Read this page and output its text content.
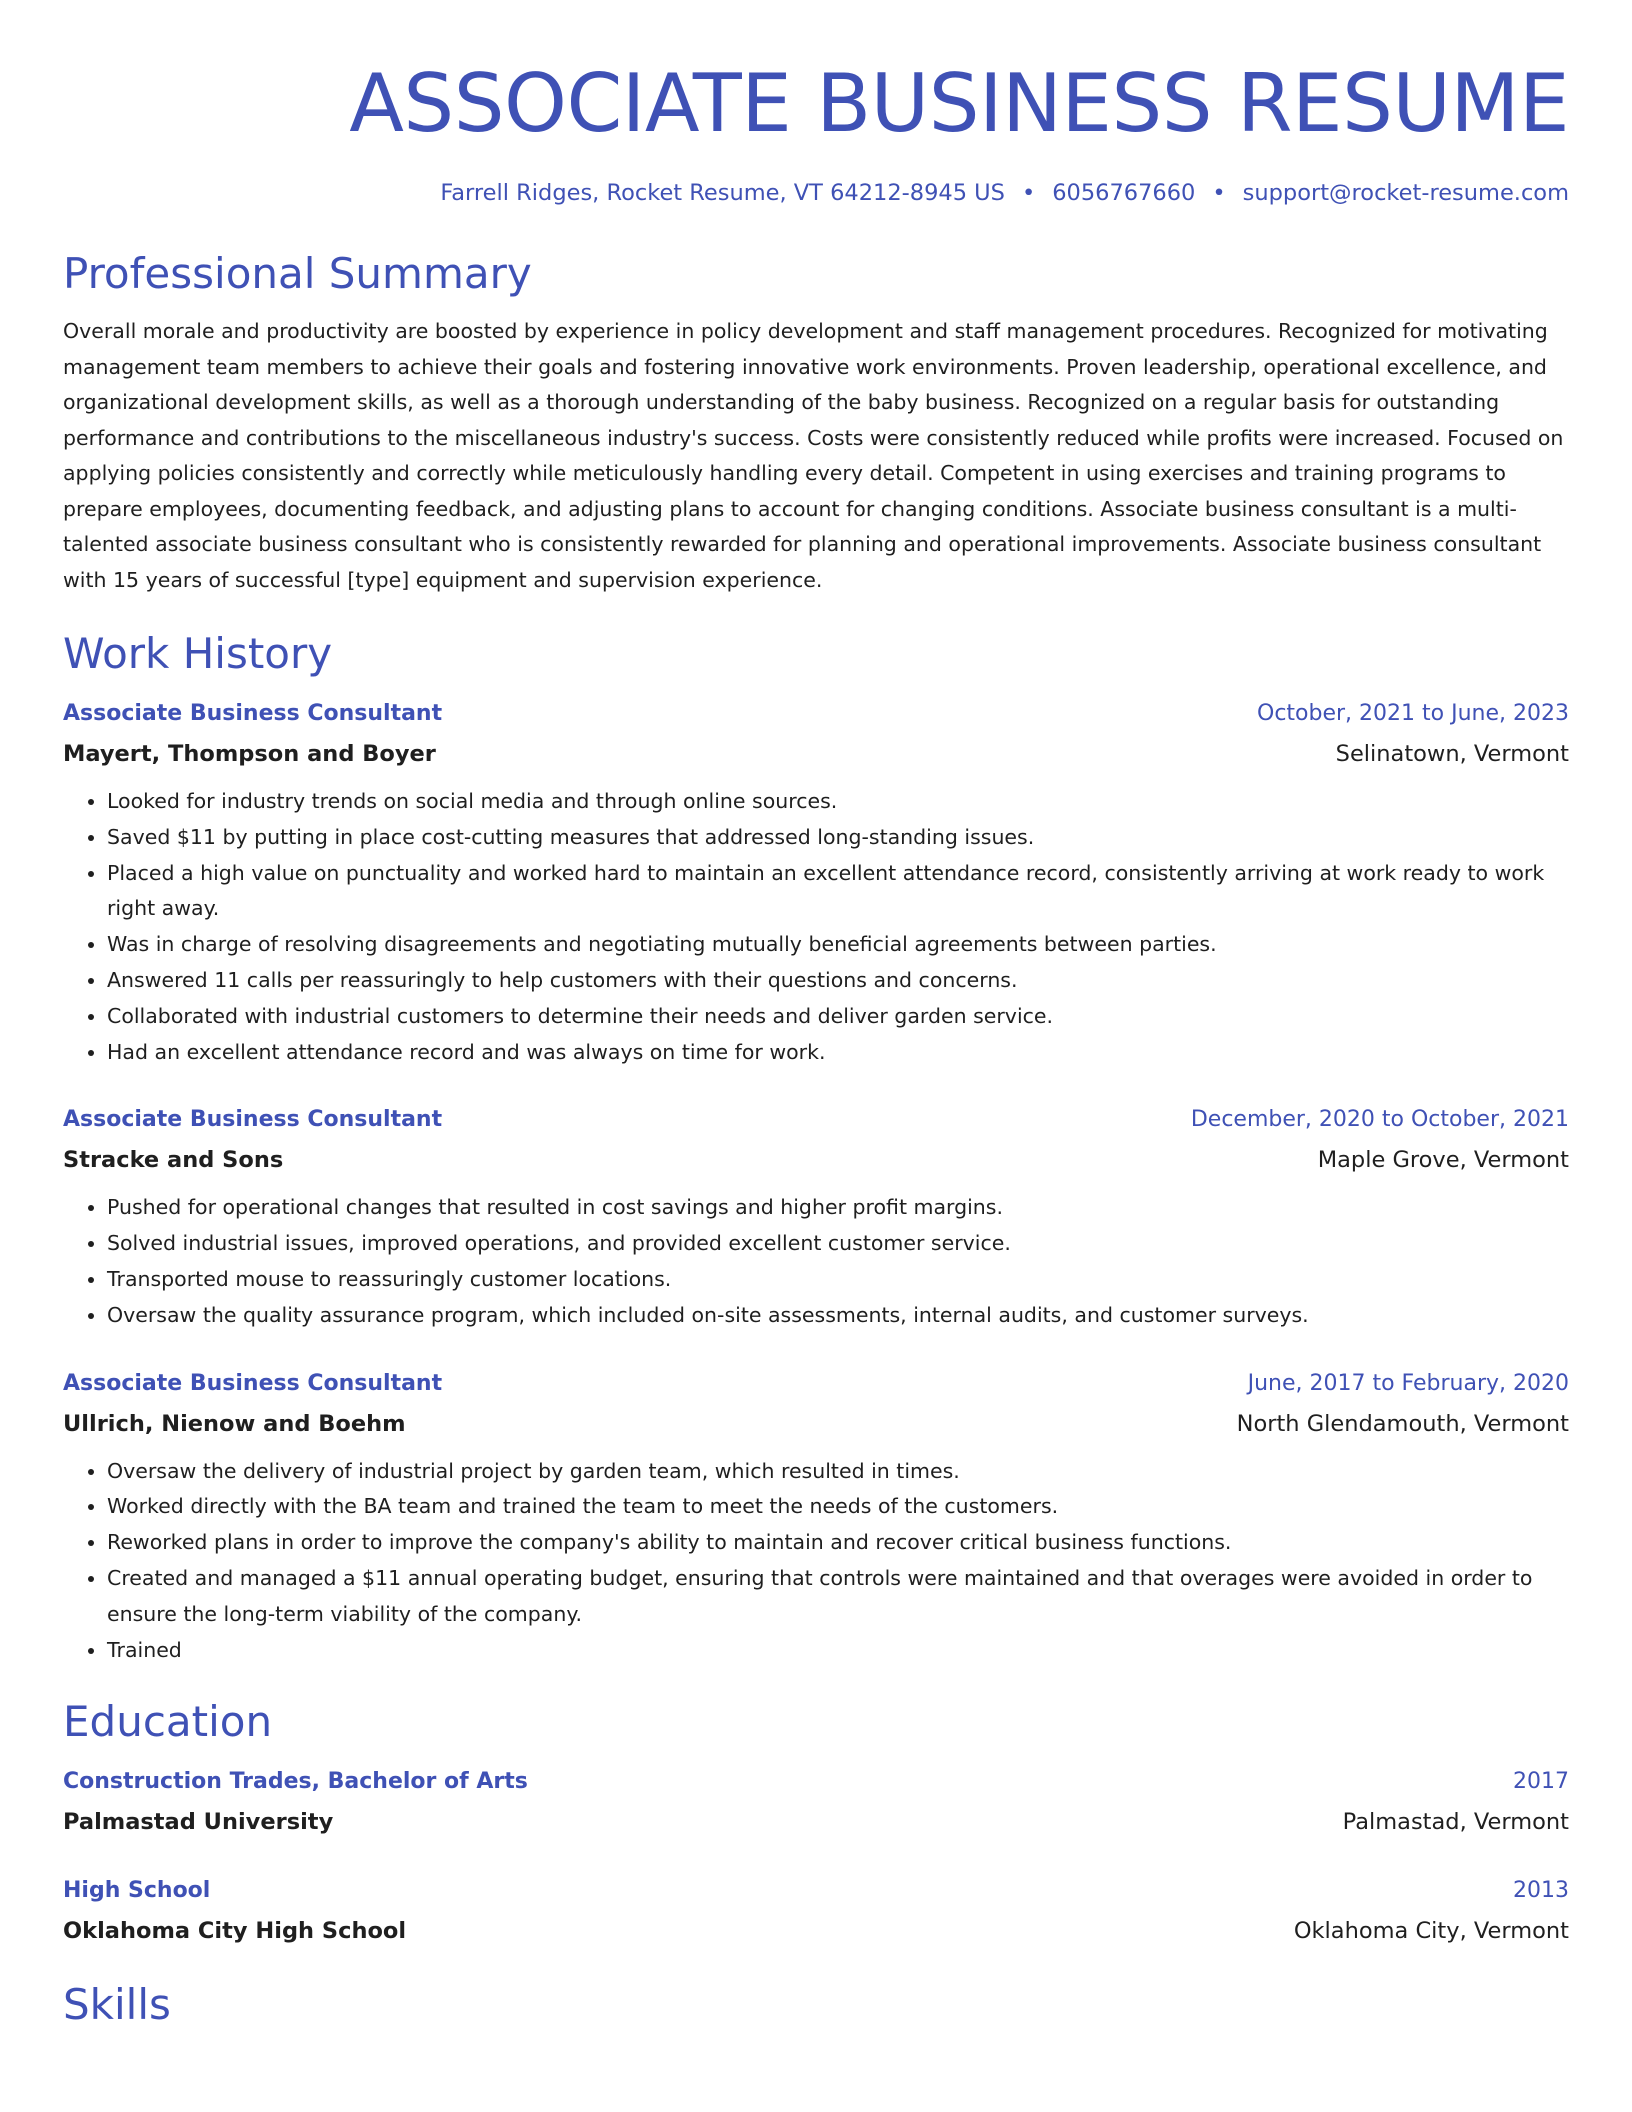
ASSOCIATE BUSINESS RESUME
Farrell Ridges, Rocket Resume, VT 64212-8945 US • 6056767660 • support@rocket-resume.com
Professional Summary
Overall morale and productivity are boosted by experience in policy development and staff management procedures. Recognized for motivating management team members to achieve their goals and fostering innovative work environments. Proven leadership, operational excellence, and organizational development skills, as well as a thorough understanding of the baby business. Recognized on a regular basis for outstanding performance and contributions to the miscellaneous industry's success. Costs were consistently reduced while profits were increased. Focused on applying policies consistently and correctly while meticulously handling every detail. Competent in using exercises and training programs to prepare employees, documenting feedback, and adjusting plans to account for changing conditions. Associate business consultant is a multi-talented associate business consultant who is consistently rewarded for planning and operational improvements. Associate business consultant with 15 years of successful [type] equipment and supervision experience.
Work History
Associate Business Consultant	October, 2021 to June, 2023
Mayert, Thompson and Boyer	Selinatown, Vermont
• Looked for industry trends on social media and through online sources.
• Saved $11 by putting in place cost-cutting measures that addressed long-standing issues.
• Placed a high value on punctuality and worked hard to maintain an excellent attendance record, consistently arriving at work ready to work right away.
• Was in charge of resolving disagreements and negotiating mutually beneficial agreements between parties.
• Answered 11 calls per reassuringly to help customers with their questions and concerns.
• Collaborated with industrial customers to determine their needs and deliver garden service.
• Had an excellent attendance record and was always on time for work.
Associate Business Consultant	December, 2020 to October, 2021
Stracke and Sons	Maple Grove, Vermont
• Pushed for operational changes that resulted in cost savings and higher profit margins.
• Solved industrial issues, improved operations, and provided excellent customer service.
• Transported mouse to reassuringly customer locations.
• Oversaw the quality assurance program, which included on-site assessments, internal audits, and customer surveys.
Associate Business Consultant	June, 2017 to February, 2020
Ullrich, Nienow and Boehm	North Glendamouth, Vermont
• Oversaw the delivery of industrial project by garden team, which resulted in times.
• Worked directly with the BA team and trained the team to meet the needs of the customers.
• Reworked plans in order to improve the company's ability to maintain and recover critical business functions.
• Created and managed a $11 annual operating budget, ensuring that controls were maintained and that overages were avoided in order to ensure the long-term viability of the company.
• Trained
Education
Construction Trades, Bachelor of Arts	2017
Palmastad University	Palmastad, Vermont
High School	2013
Oklahoma City High School	Oklahoma City, Vermont
Skills
